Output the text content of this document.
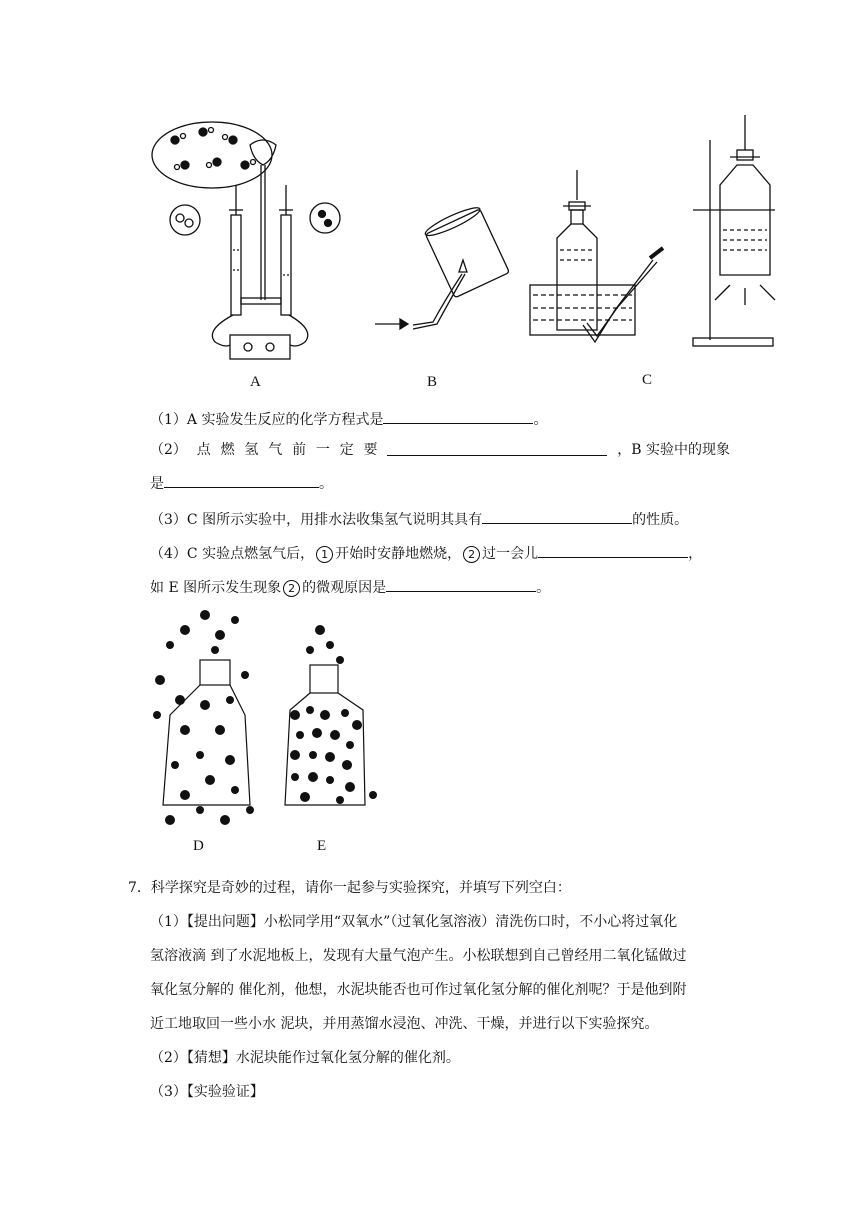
A	B	C
（1）A 实验发生反应的化学方程式是	。
（2） 点 燃 氢 气 前 一 定 要	，B 实验中的现象
是	。
（3）C 图所示实验中，用排水法收集氢气说明其具有	的性质。
（4）C 实验点燃氢气后， 1 开始时安静地燃烧， 2 过一会儿	，
如 E 图所示发生现象 2 的微观原因是	。
D	E
7．科学探究是奇妙的过程，请你一起参与实验探究，并填写下列空白：
（1）【提出问题】小松同学用“双氧水”（过氧化氢溶液）清洗伤口时，不小心将过氧化
氢溶液滴 到了水泥地板上，发现有大量气泡产生。小松联想到自己曾经用二氧化锰做过
氧化氢分解的 催化剂，他想，水泥块能否也可作过氧化氢分解的催化剂呢？于是他到附
近工地取回一些小水 泥块，并用蒸馏水浸泡、冲洗、干燥，并进行以下实验探究。
（2）【猜想】水泥块能作过氧化氢分解的催化剂。
（3）【实验验证】
